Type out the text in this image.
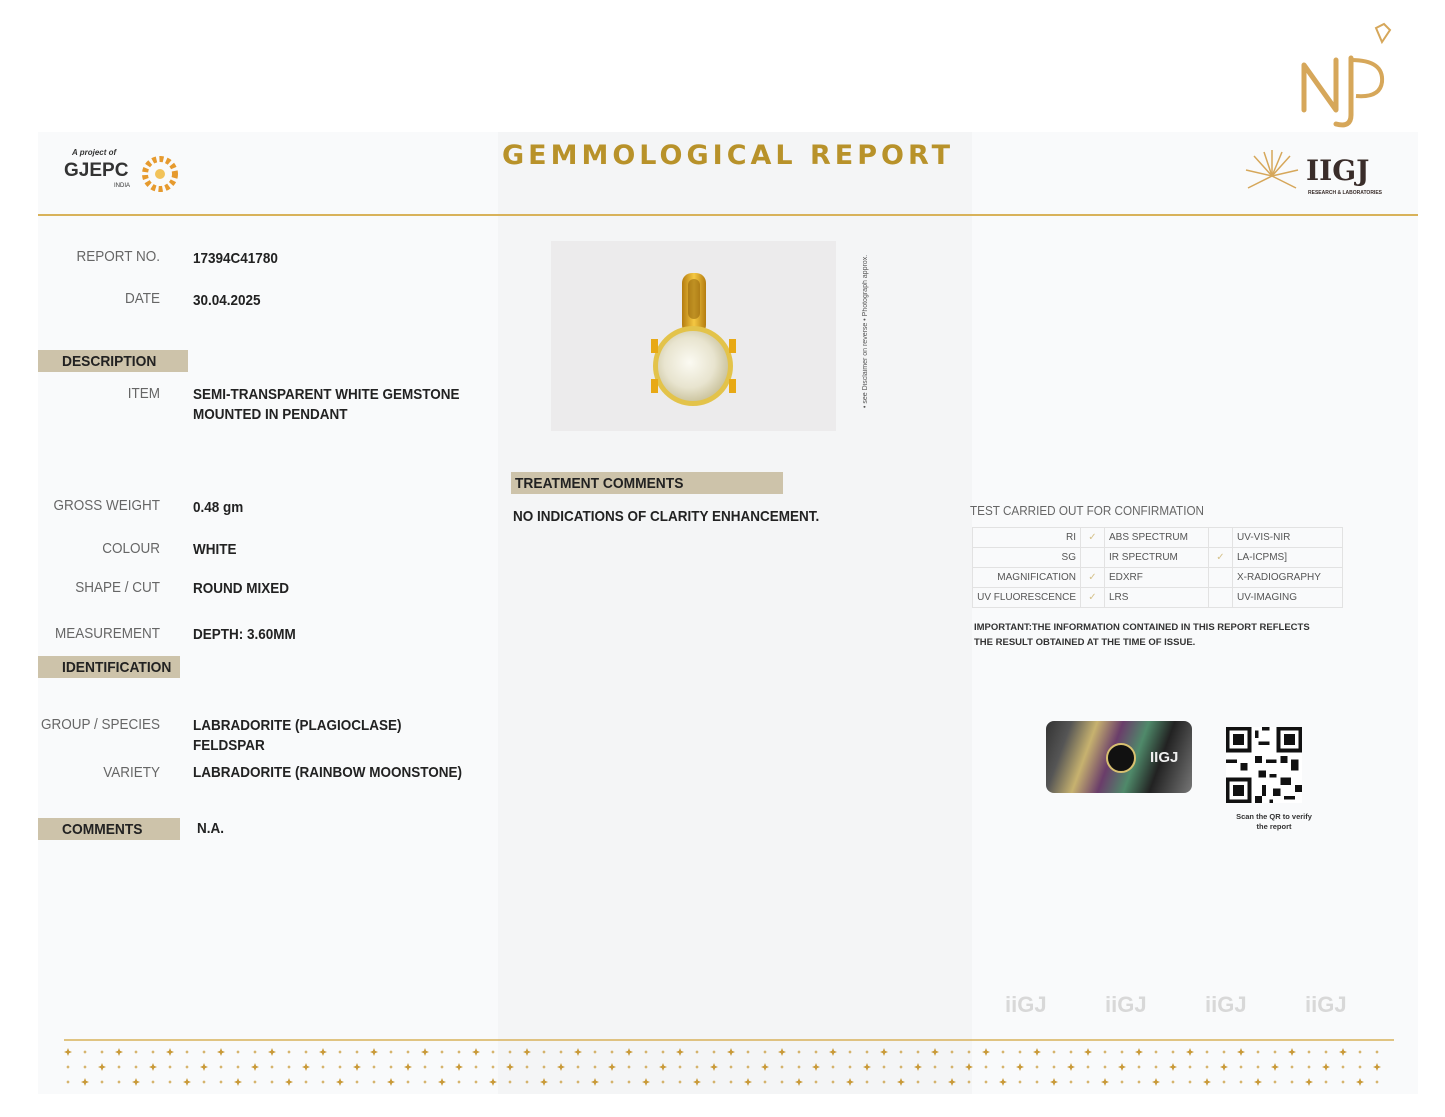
A project of
GJEPC
INDIA
GEMMOLOGICAL REPORT	IIGJ
RESEARCH & LABORATORIES
REPORT NO. 17394C41780
DATE 30.04.2025
DESCRIPTION
ITEM SEMI-TRANSPARENT WHITE GEMSTONE MOUNTED IN PENDANT
GROSS WEIGHT 0.48 gm
COLOUR WHITE
SHAPE / CUT ROUND MIXED
MEASUREMENT DEPTH: 3.60MM
IDENTIFICATION
GROUP / SPECIES LABRADORITE (PLAGIOCLASE) FELDSPAR
VARIETY LABRADORITE (RAINBOW MOONSTONE)
COMMENTS	N.A.
• see Disclaimer on reverse • Photograph approx.
TREATMENT COMMENTS
NO INDICATIONS OF CLARITY ENHANCEMENT.	TEST CARRIED OUT FOR CONFIRMATION
RI	✓	ABS SPECTRUM		UV-VIS-NIR
SG		IR SPECTRUM	✓	LA-ICPMS]
MAGNIFICATION	✓	EDXRF		X-RADIOGRAPHY
UV FLUORESCENCE	✓	LRS		UV-IMAGING
IMPORTANT:THE INFORMATION CONTAINED IN THIS REPORT REFLECTS THE RESULT OBTAINED AT THE TIME OF ISSUE.
IIGJ
Scan the QR to verify the report
iiGJ	iiGJ	iiGJ	iiGJ
